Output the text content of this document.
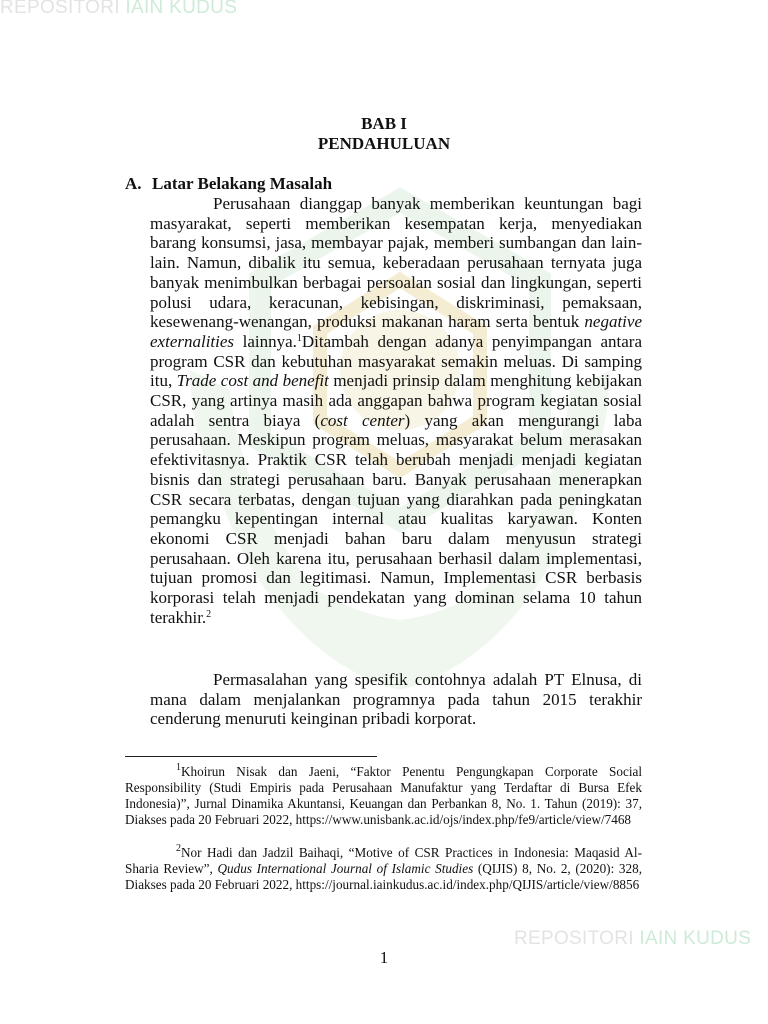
REPOSITORI IAIN KUDUS
BAB I
PENDAHULUAN
A. Latar Belakang Masalah
Perusahaan dianggap banyak memberikan keuntungan bagi masyarakat, seperti memberikan kesempatan kerja, menyediakan barang konsumsi, jasa, membayar pajak, memberi sumbangan dan lain-lain. Namun, dibalik itu semua, keberadaan perusahaan ternyata juga banyak menimbulkan berbagai persoalan sosial dan lingkungan, seperti polusi udara, keracunan, kebisingan, diskriminasi, pemaksaan, kesewenang-wenangan, produksi makanan haram serta bentuk negative externalities lainnya.$^1$Ditambah dengan adanya penyimpangan antara program CSR dan kebutuhan masyarakat semakin meluas. Di samping itu, Trade cost and benefit menjadi prinsip dalam menghitung kebijakan CSR, yang artinya masih ada anggapan bahwa program kegiatan sosial adalah sentra biaya (cost center) yang akan mengurangi laba perusahaan. Meskipun program meluas, masyarakat belum merasakan efektivitasnya. Praktik CSR telah berubah menjadi menjadi kegiatan bisnis dan strategi perusahaan baru. Banyak perusahaan menerapkan CSR secara terbatas, dengan tujuan yang diarahkan pada peningkatan pemangku kepentingan internal atau kualitas karyawan. Konten ekonomi CSR menjadi bahan baru dalam menyusun strategi perusahaan. Oleh karena itu, perusahaan berhasil dalam implementasi, tujuan promosi dan legitimasi. Namun, Implementasi CSR berbasis korporasi telah menjadi pendekatan yang dominan selama 10 tahun terakhir.$^2$
Permasalahan yang spesifik contohnya adalah PT Elnusa, di mana dalam menjalankan programnya pada tahun 2015 terakhir cenderung menuruti keinginan pribadi korporat.
$^1$Khoirun Nisak dan Jaeni, “Faktor Penentu Pengungkapan Corporate Social Responsibility (Studi Empiris pada Perusahaan Manufaktur yang Terdaftar di Bursa Efek Indonesia)”, Jurnal Dinamika Akuntansi, Keuangan dan Perbankan 8, No. 1. Tahun (2019): 37, Diakses pada 20 Februari 2022, https://www.unisbank.ac.id/ojs/index.php/fe9/article/view/7468
$^2$Nor Hadi dan Jadzil Baihaqi, “Motive of CSR Practices in Indonesia: Maqasid Al-Sharia Review”, Qudus International Journal of Islamic Studies (QIJIS) 8, No. 2, (2020): 328, Diakses pada 20 Februari 2022, https://journal.iainkudus.ac.id/index.php/QIJIS/article/view/8856
1
REPOSITORI IAIN KUDUS
